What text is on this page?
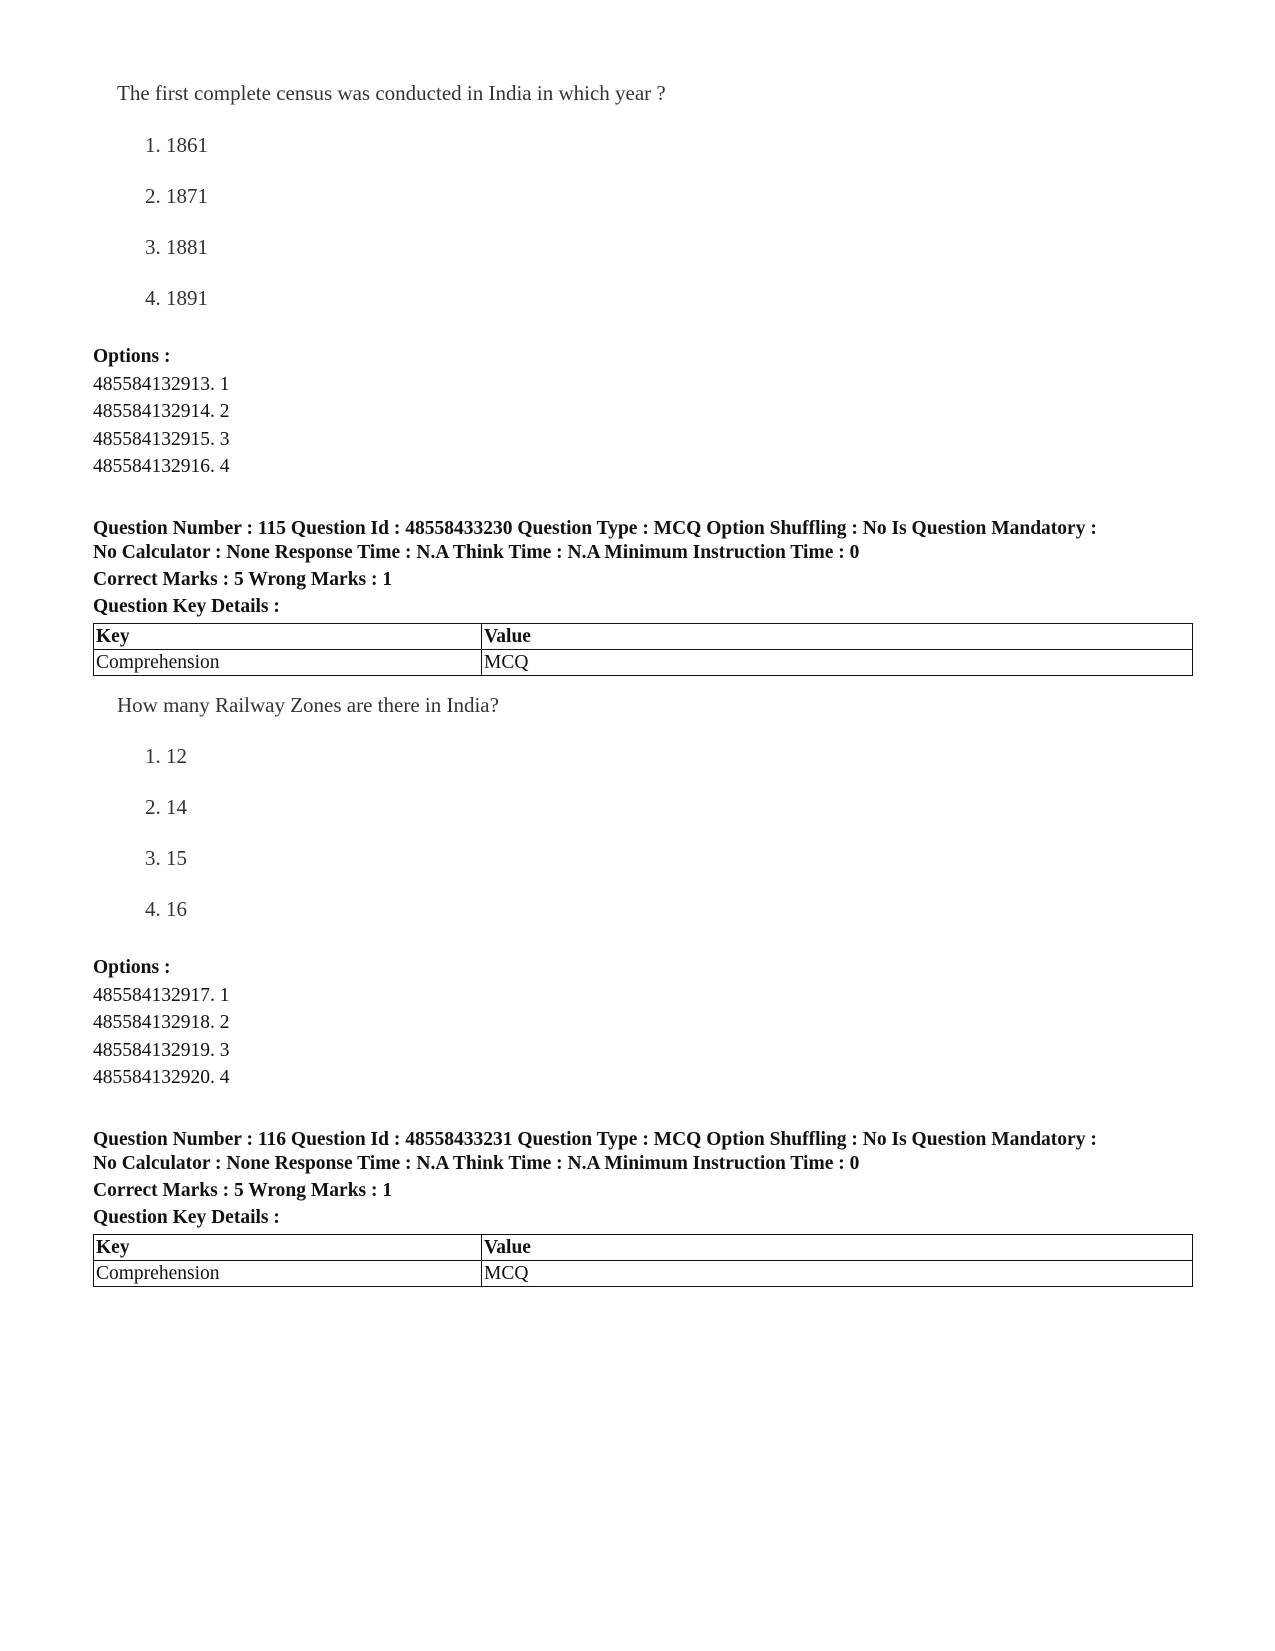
The first complete census was conducted in India in which year ?
1. 1861
2. 1871
3. 1881
4. 1891
Options :
485584132913. 1
485584132914. 2
485584132915. 3
485584132916. 4
Question Number : 115 Question Id : 48558433230 Question Type : MCQ Option Shuffling : No Is Question Mandatory :
No Calculator : None Response Time : N.A Think Time : N.A Minimum Instruction Time : 0
Correct Marks : 5 Wrong Marks : 1
Question Key Details :
Key	Value
Comprehension	MCQ
How many Railway Zones are there in India?
1. 12
2. 14
3. 15
4. 16
Options :
485584132917. 1
485584132918. 2
485584132919. 3
485584132920. 4
Question Number : 116 Question Id : 48558433231 Question Type : MCQ Option Shuffling : No Is Question Mandatory :
No Calculator : None Response Time : N.A Think Time : N.A Minimum Instruction Time : 0
Correct Marks : 5 Wrong Marks : 1
Question Key Details :
Key	Value
Comprehension	MCQ
